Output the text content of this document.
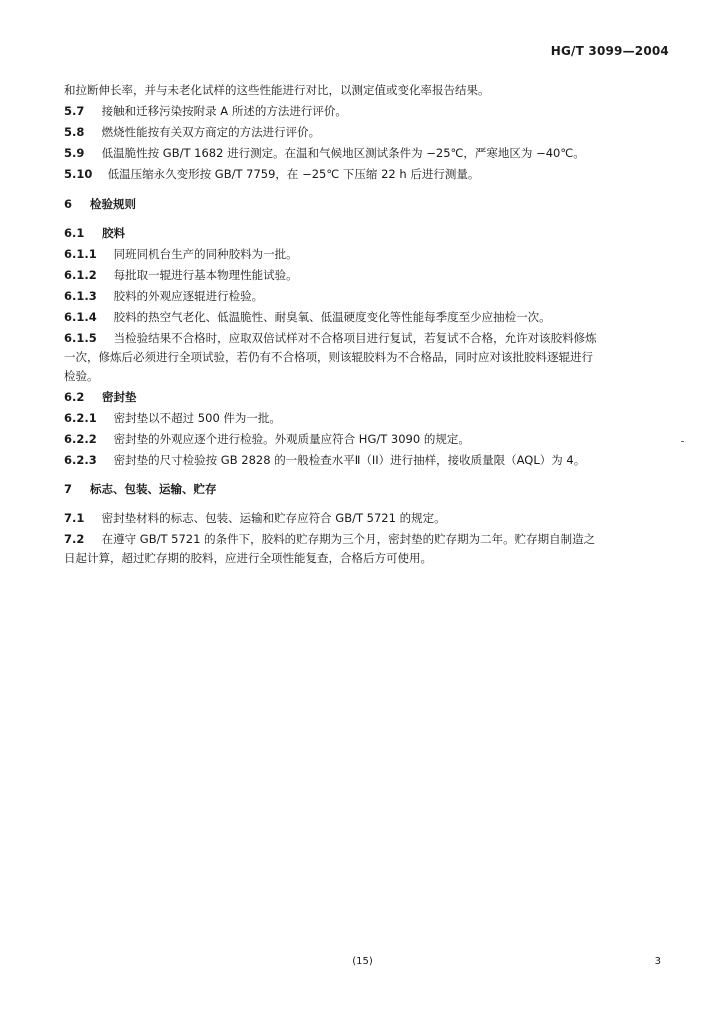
HG/T 3099—2004
和拉断伸长率，并与未老化试样的这些性能进行对比，以测定值或变化率报告结果。
5.7 接触和迁移污染按附录 A 所述的方法进行评价。
5.8 燃烧性能按有关双方商定的方法进行评价。
5.9 低温脆性按 GB/T 1682 进行测定。在温和气候地区测试条件为 −25℃，严寒地区为 −40℃。
5.10 低温压缩永久变形按 GB/T 7759，在 −25℃ 下压缩 22 h 后进行测量。
6 检验规则
6.1 胶料
6.1.1 同班同机台生产的同种胶料为一批。
6.1.2 每批取一辊进行基本物理性能试验。
6.1.3 胶料的外观应逐辊进行检验。
6.1.4 胶料的热空气老化、低温脆性、耐臭氧、低温硬度变化等性能每季度至少应抽检一次。
6.1.5 当检验结果不合格时，应取双倍试样对不合格项目进行复试，若复试不合格，允许对该胶料修炼
一次，修炼后必须进行全项试验，若仍有不合格项，则该辊胶料为不合格品，同时应对该批胶料逐辊进行
检验。
6.2 密封垫
6.2.1 密封垫以不超过 500 件为一批。
6.2.2 密封垫的外观应逐个进行检验。外观质量应符合 HG/T 3090 的规定。
6.2.3 密封垫的尺寸检验按 GB 2828 的一般检查水平Ⅱ（II）进行抽样，接收质量限（AQL）为 4。
7 标志、包装、运输、贮存
7.1 密封垫材料的标志、包装、运输和贮存应符合 GB/T 5721 的规定。
7.2 在遵守 GB/T 5721 的条件下，胶料的贮存期为三个月，密封垫的贮存期为二年。贮存期自制造之
日起计算，超过贮存期的胶料，应进行全项性能复查，合格后方可使用。
(15)	3
